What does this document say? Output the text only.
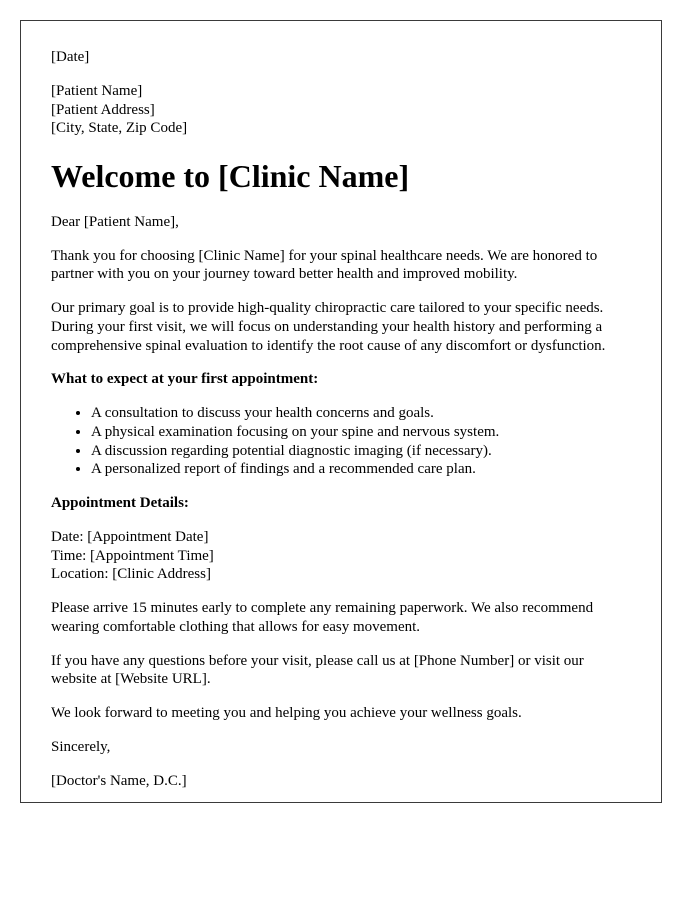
[Date]

[Patient Name]
[Patient Address]
[City, State, Zip Code]

Welcome to [Clinic Name]

Dear [Patient Name],

Thank you for choosing [Clinic Name] for your spinal healthcare needs. We are honored to partner with you on your journey toward better health and improved mobility.

Our primary goal is to provide high-quality chiropractic care tailored to your specific needs. During your first visit, we will focus on understanding your health history and performing a comprehensive spinal evaluation to identify the root cause of any discomfort or dysfunction.

What to expect at your first appointment:

• A consultation to discuss your health concerns and goals.
• A physical examination focusing on your spine and nervous system.
• A discussion regarding potential diagnostic imaging (if necessary).
• A personalized report of findings and a recommended care plan.

Appointment Details:

Date: [Appointment Date]
Time: [Appointment Time]
Location: [Clinic Address]

Please arrive 15 minutes early to complete any remaining paperwork. We also recommend wearing comfortable clothing that allows for easy movement.

If you have any questions before your visit, please call us at [Phone Number] or visit our website at [Website URL].

We look forward to meeting you and helping you achieve your wellness goals.

Sincerely,

[Doctor's Name, D.C.]
